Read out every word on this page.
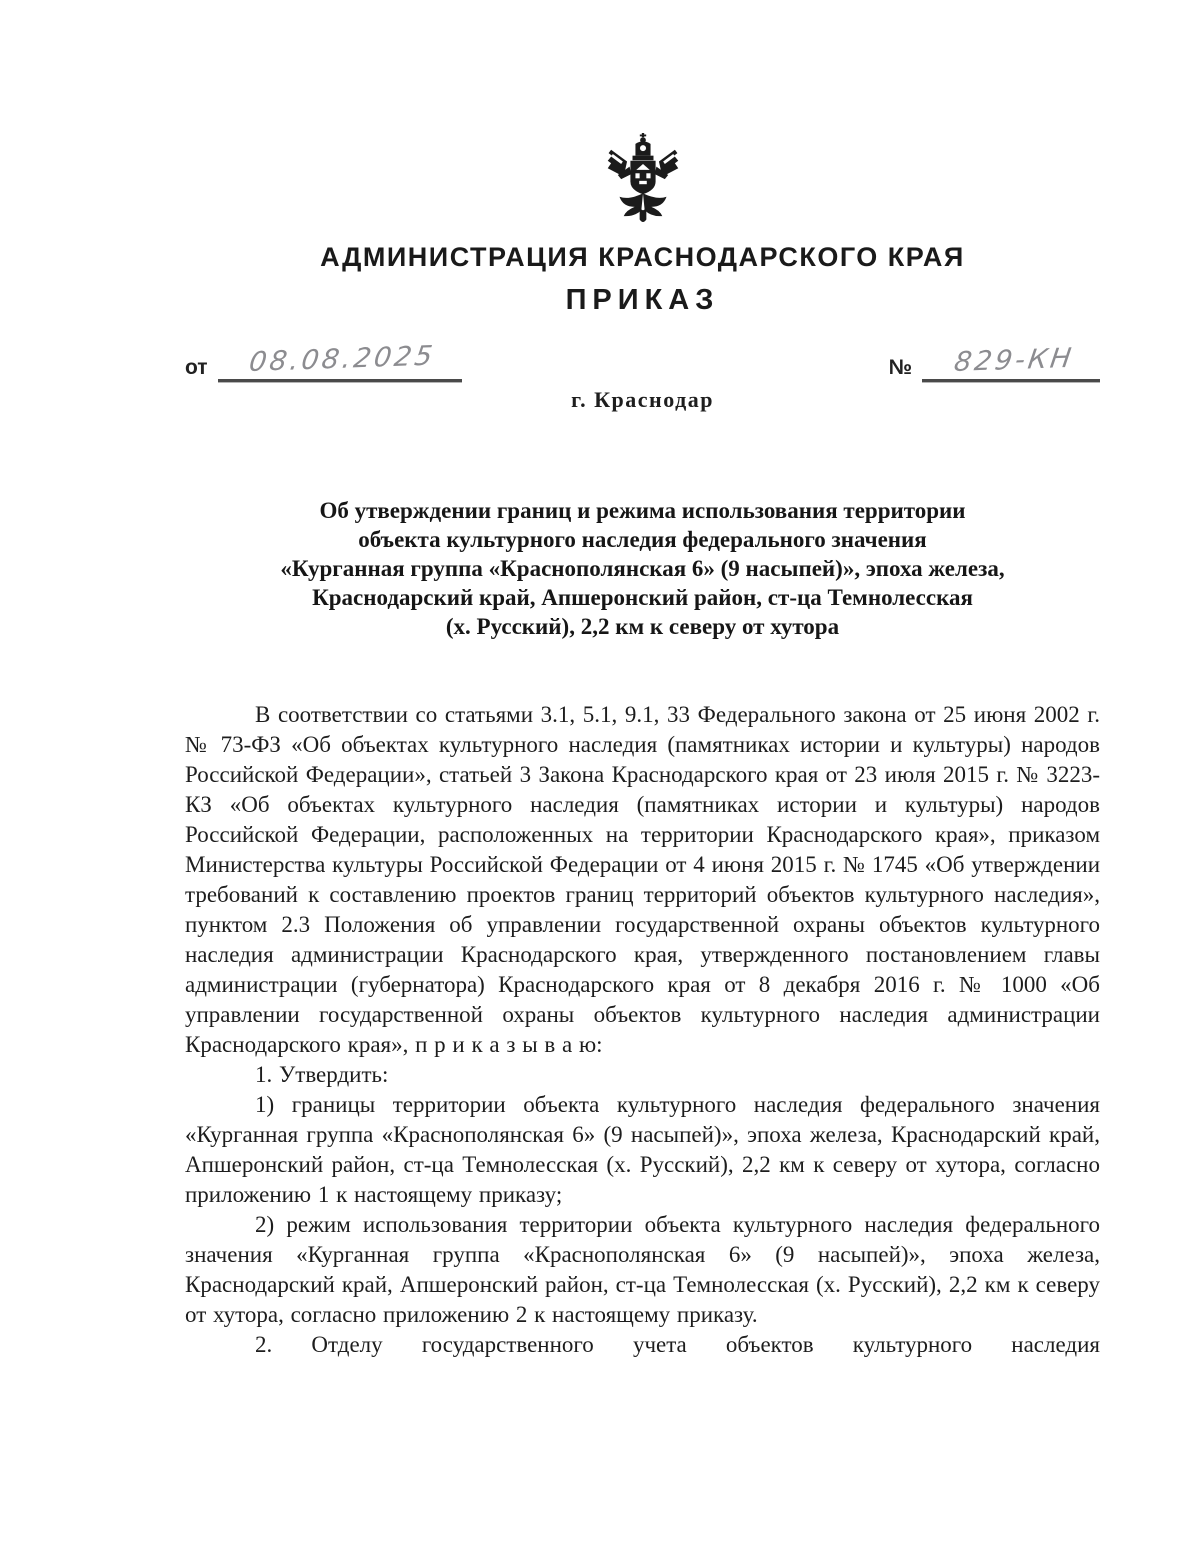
АДМИНИСТРАЦИЯ КРАСНОДАРСКОГО КРАЯ
ПРИКАЗ
от	08.08.2025	№	829-КН
г. Краснодар
Об утверждении границ и режима использования территории
объекта культурного наследия федерального значения
«Курганная группа «Краснополянская 6» (9 насыпей)», эпоха железа,
Краснодарский край, Апшеронский район, ст-ца Темнолесская
(х. Русский), 2,2 км к северу от хутора

В соответствии со статьями 3.1, 5.1, 9.1, 33 Федерального закона от 25 июня 2002 г. № 73-ФЗ «Об объектах культурного наследия (памятниках истории и культуры) народов Российской Федерации», статьей 3 Закона Краснодарского края от 23 июля 2015 г. № 3223-КЗ «Об объектах культурного наследия (памятниках истории и культуры) народов Российской Федерации, расположенных на территории Краснодарского края», приказом Министерства культуры Российской Федерации от 4 июня 2015 г. № 1745 «Об утверждении требований к составлению проектов границ территорий объектов культурного наследия», пунктом 2.3 Положения об управлении государственной охраны объектов культурного наследия администрации Краснодарского края, утвержденного постановлением главы администрации (губернатора) Краснодарского края от 8 декабря 2016 г. № 1000 «Об управлении государственной охраны объектов культурного наследия администрации Краснодарского края», п р и к а з ы в а ю:

1. Утвердить:

1) границы территории объекта культурного наследия федерального значения «Курганная группа «Краснополянская 6» (9 насыпей)», эпоха железа, Краснодарский край, Апшеронский район, ст-ца Темнолесская (х. Русский), 2,2 км к северу от хутора, согласно приложению 1 к настоящему приказу;

2) режим использования территории объекта культурного наследия федерального значения «Курганная группа «Краснополянская 6» (9 насыпей)», эпоха железа, Краснодарский край, Апшеронский район, ст-ца Темнолесская (х. Русский), 2,2 км к северу от хутора, согласно приложению 2 к настоящему приказу.

2. Отделу государственного учета объектов культурного наследия
